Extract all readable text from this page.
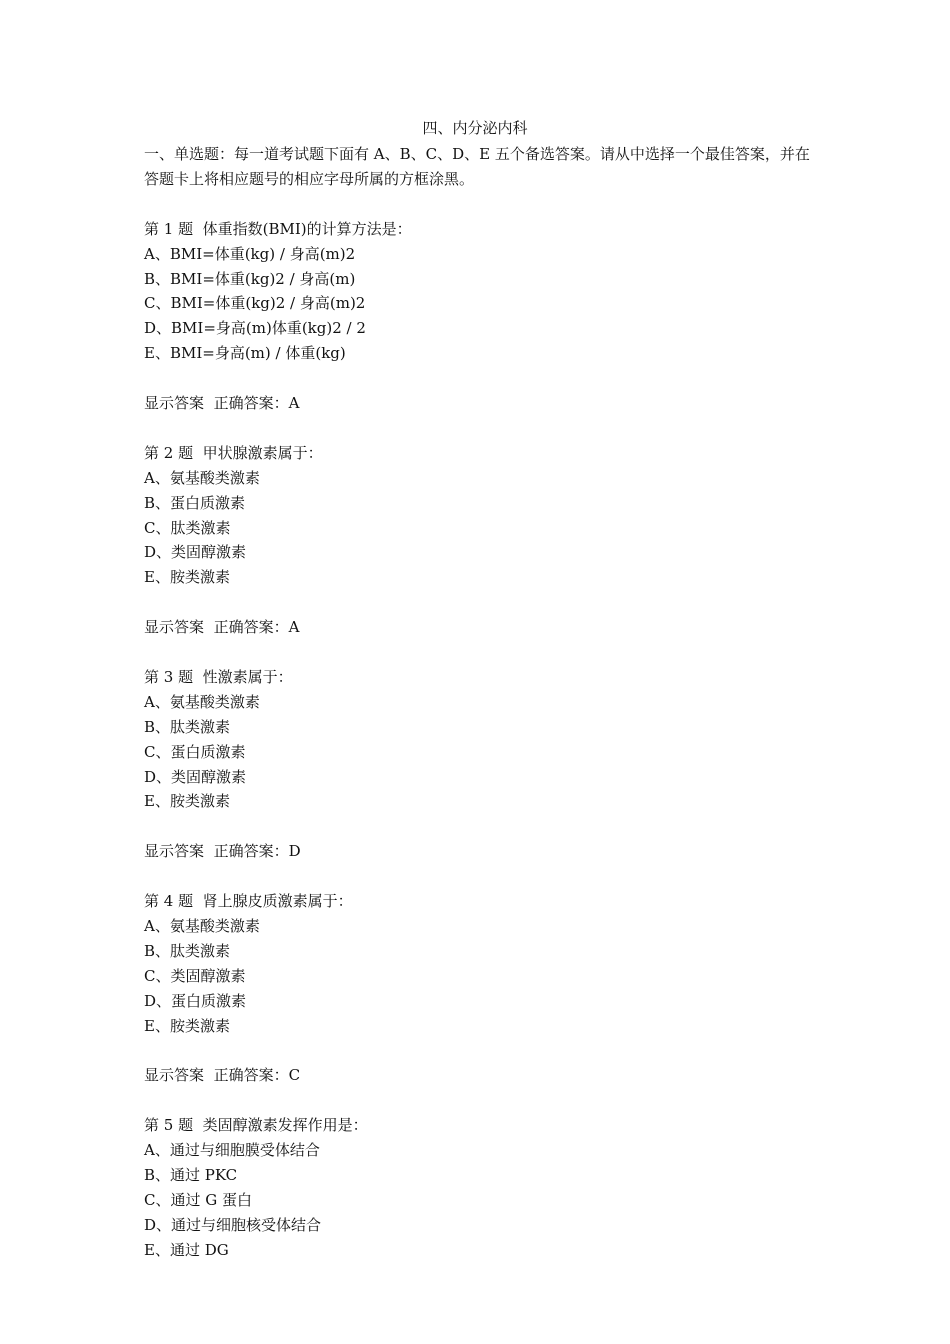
四、内分泌内科
一、单选题：每一道考试题下面有 A、B、C、D、E 五个备选答案。请从中选择一个最佳答案，并在答题卡上将相应题号的相应字母所属的方框涂黑。
第 1 题  体重指数(BMI)的计算方法是：
A、BMI=体重(kg) / 身高(m)2
B、BMI=体重(kg)2 / 身高(m)
C、BMI=体重(kg)2 / 身高(m)2
D、BMI=身高(m)体重(kg)2 / 2
E、BMI=身高(m) / 体重(kg)
显示答案 正确答案：A
第 2 题  甲状腺激素属于：
A、氨基酸类激素
B、蛋白质激素
C、肽类激素
D、类固醇激素
E、胺类激素
显示答案 正确答案：A
第 3 题  性激素属于：
A、氨基酸类激素
B、肽类激素
C、蛋白质激素
D、类固醇激素
E、胺类激素
显示答案 正确答案：D
第 4 题  肾上腺皮质激素属于：
A、氨基酸类激素
B、肽类激素
C、类固醇激素
D、蛋白质激素
E、胺类激素
显示答案 正确答案：C
第 5 题  类固醇激素发挥作用是：
A、通过与细胞膜受体结合
B、通过 PKC
C、通过 G 蛋白
D、通过与细胞核受体结合
E、通过 DG
